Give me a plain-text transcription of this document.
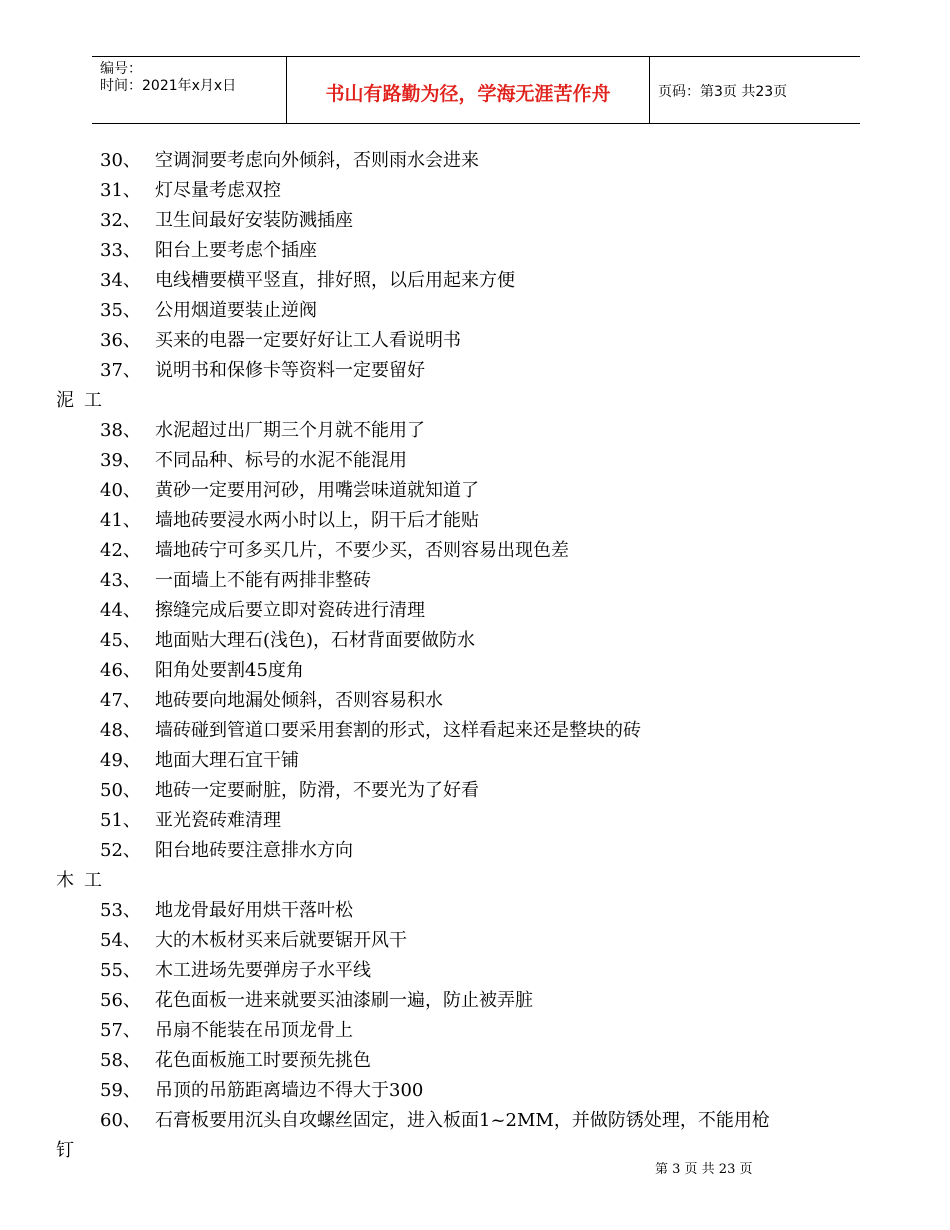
编号：
时间：2021年x月x日	书山有路勤为径，学海无涯苦作舟	页码：第3页 共23页
30、 空调洞要考虑向外倾斜，否则雨水会进来
31、 灯尽量考虑双控
32、 卫生间最好安装防溅插座
33、 阳台上要考虑个插座
34、 电线槽要横平竖直，排好照，以后用起来方便
35、 公用烟道要装止逆阀
36、 买来的电器一定要好好让工人看说明书
37、 说明书和保修卡等资料一定要留好
泥工
38、 水泥超过出厂期三个月就不能用了
39、 不同品种、标号的水泥不能混用
40、 黄砂一定要用河砂，用嘴尝味道就知道了
41、 墙地砖要浸水两小时以上，阴干后才能贴
42、 墙地砖宁可多买几片，不要少买，否则容易出现色差
43、 一面墙上不能有两排非整砖
44、 擦缝完成后要立即对瓷砖进行清理
45、 地面贴大理石(浅色)，石材背面要做防水
46、 阳角处要割45度角
47、 地砖要向地漏处倾斜，否则容易积水
48、 墙砖碰到管道口要采用套割的形式，这样看起来还是整块的砖
49、 地面大理石宜干铺
50、 地砖一定要耐脏，防滑，不要光为了好看
51、 亚光瓷砖难清理
52、 阳台地砖要注意排水方向
木工
53、 地龙骨最好用烘干落叶松
54、 大的木板材买来后就要锯开风干
55、 木工进场先要弹房子水平线
56、 花色面板一进来就要买油漆刷一遍，防止被弄脏
57、 吊扇不能装在吊顶龙骨上
58、 花色面板施工时要预先挑色
59、 吊顶的吊筋距离墙边不得大于300
60、 石膏板要用沉头自攻螺丝固定，进入板面1~2MM，并做防锈处理，不能用枪
钉
第 3 页 共 23 页
